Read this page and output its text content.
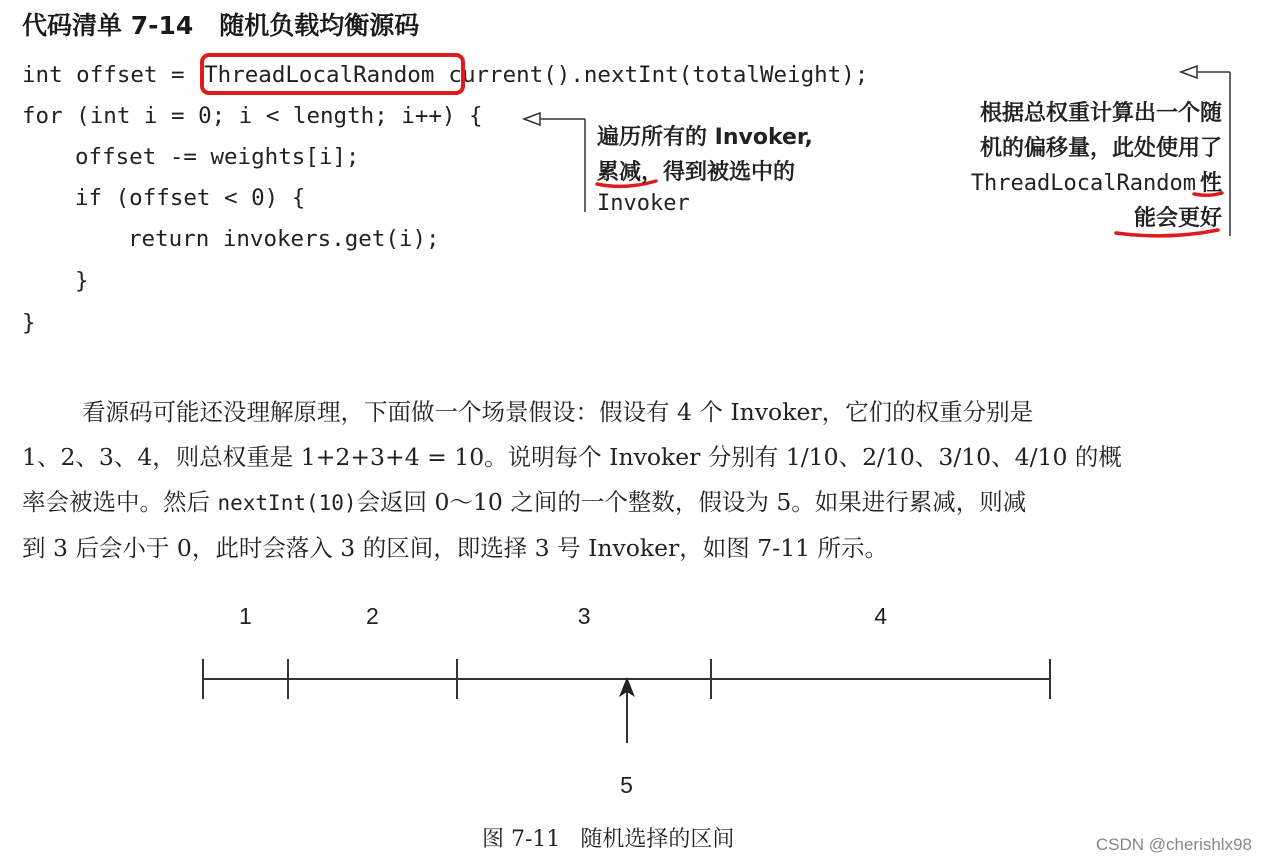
代码清单 7-14 随机负载均衡源码
int offset = ThreadLocalRandom current().nextInt(totalWeight);
for (int i = 0; i < length; i++) {
offset -= weights[i];
if (offset < 0) {
return invokers.get(i);
}
}
遍历所有的 Invoker,
累减，得到被选中的
Invoker
根据总权重计算出一个随
机的偏移量，此处使用了
ThreadLocalRandom 性
能会更好
看源码可能还没理解原理，下面做一个场景假设：假设有 4 个 Invoker，它们的权重分别是
1、2、3、4，则总权重是 1+2+3+4 = 10。说明每个 Invoker 分别有 1/10、2/10、3/10、4/10 的概
率会被选中。然后 nextInt(10)会返回 0～10 之间的一个整数，假设为 5。如果进行累减，则减
到 3 后会小于 0，此时会落入 3 的区间，即选择 3 号 Invoker，如图 7-11 所示。
1	2	3	4
5
图 7-11 随机选择的区间	CSDN @cherishlx98
